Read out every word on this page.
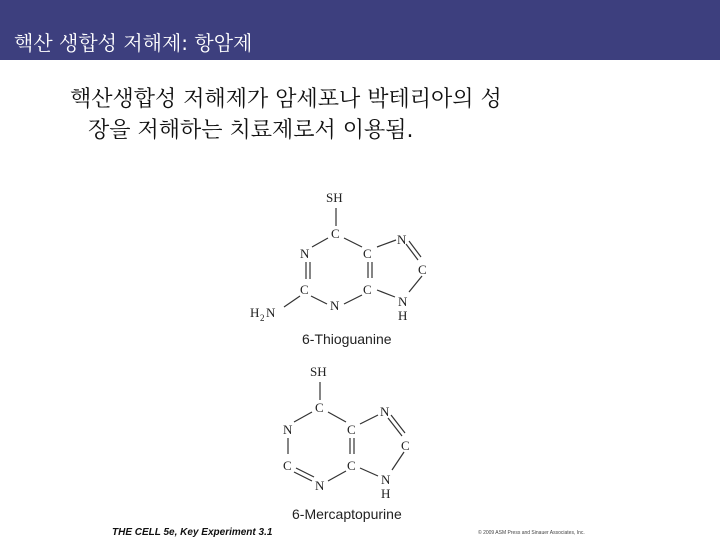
핵산 생합성 저해제: 항암제
핵산생합성 저해제가 암세포나 박테리아의 성
장을 저해하는 치료제로서 이용됨.
SH
C
N	C
N
C
C	C
N	N
H
H 2 N
6-Thioguanine
SH
C
N	C
N
C
C	C
N	N
H
6-Mercaptopurine
THE CELL 5e, Key Experiment 3.1	© 2009 ASM Press and Sinauer Associates, Inc.
